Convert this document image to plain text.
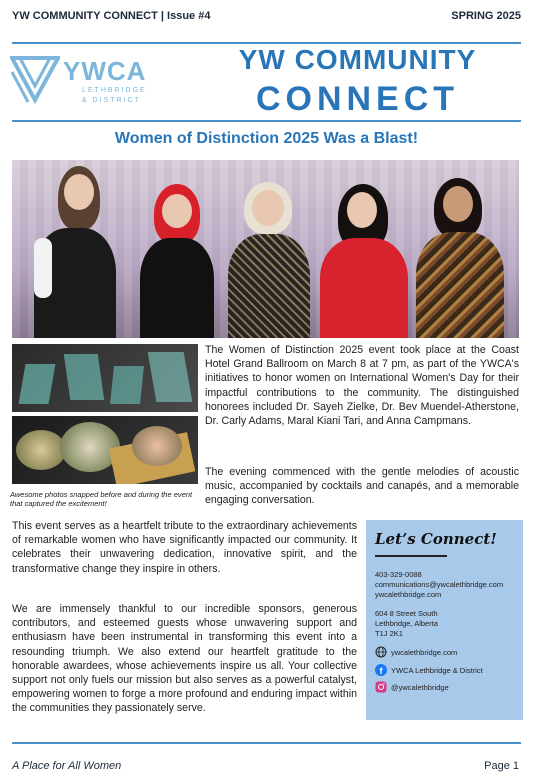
YW COMMUNITY CONNECT | Issue #4	SPRING 2025
YWCA
LETHBRIDGE
& DISTRICT
YW COMMUNITY
CONNECT
Women of Distinction 2025 Was a Blast!
Awesome photos snapped before and during the event that captured the excitement!
The Women of Distinction 2025 event took place at the Coast Hotel Grand Ballroom on March 8 at 7 pm, as part of the YWCA's initiatives to honor women on International Women's Day for their impactful contributions to the community. The distinguished honorees included Dr. Sayeh Zielke, Dr. Bev Muendel-Atherstone, Dr. Carly Adams, Maral Kiani Tari, and Anna Campmans.
The evening commenced with the gentle melodies of acoustic music, accompanied by cocktails and canapés, and a memorable engaging conversation.
This event serves as a heartfelt tribute to the extraordinary achievements of remarkable women who have significantly impacted our community. It celebrates their unwavering dedication, innovative spirit, and the transformative change they inspire in others.
We are immensely thankful to our incredible sponsors, generous contributors, and esteemed guests whose unwavering support and enthusiasm have been instrumental in transforming this event into a resounding triumph. We also extend our heartfelt gratitude to the honorable awardees, whose achievements inspire us all. Your collective support not only fuels our mission but also serves as a powerful catalyst, empowering women to forge a more profound and enduring impact within the communities they passionately serve.
Let’s Connect!
403-329-0088
communications@ywcalethbridge.com
ywcalethbridge.com
604 8 Street South
Lethbridge, Alberta
T1J 2K1
ywcalethbridge.com
f YWCA Lethbridge & District
@ywcalethbridge
A Place for All Women	Page 1
